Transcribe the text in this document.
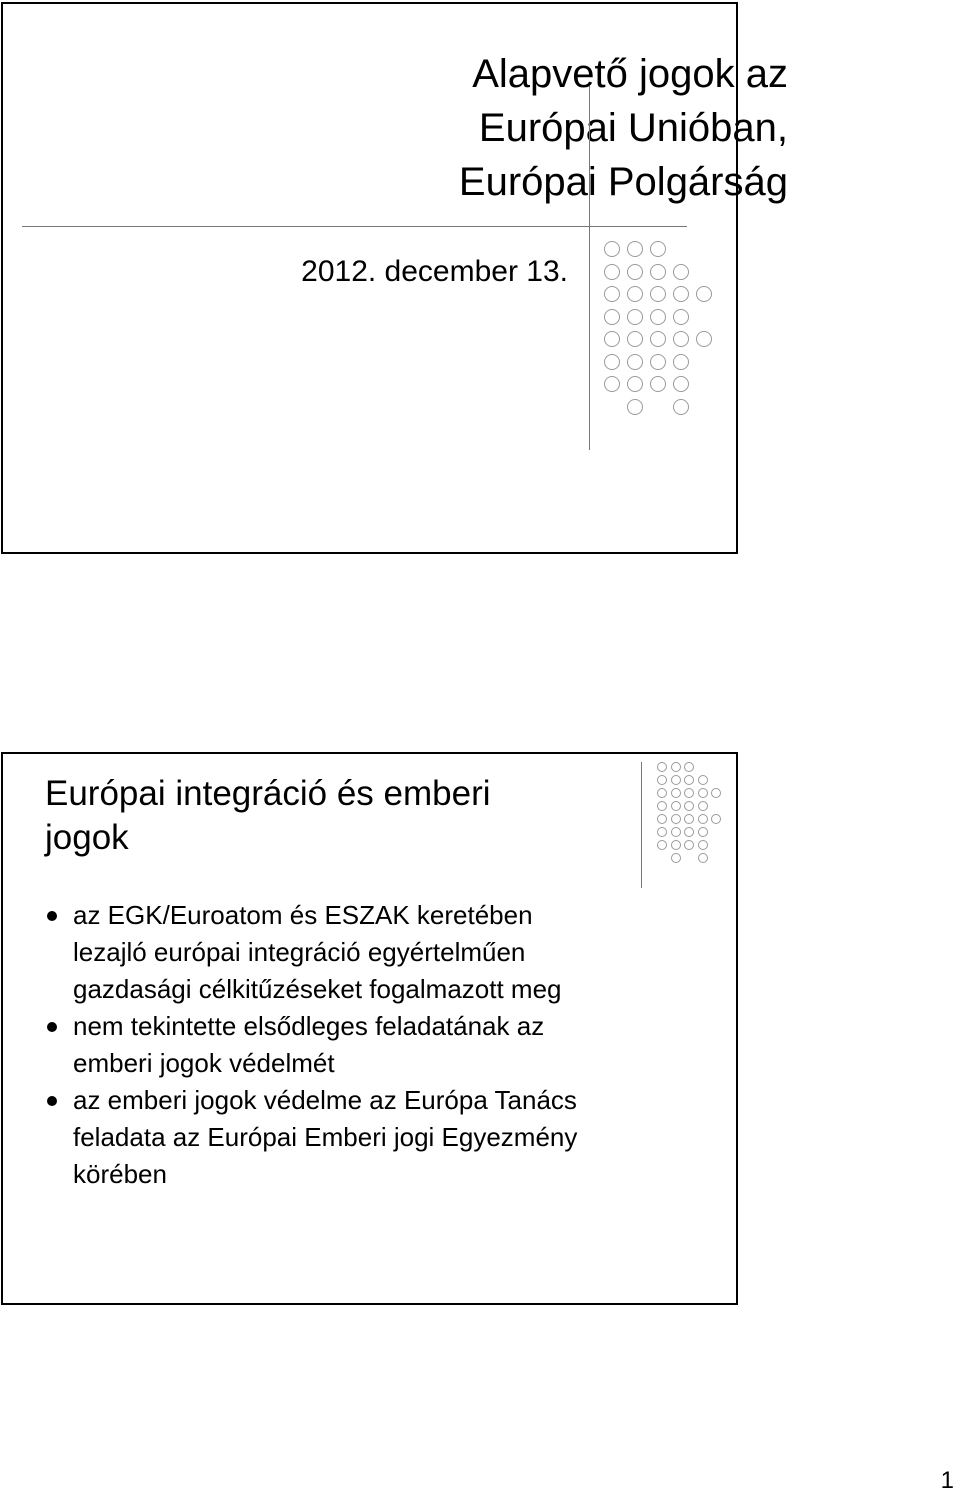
Alapvető jogok az
Európai Unióban,
Európai Polgárság
2012. december 13.
Európai integráció és emberi
jogok
az EGK/Euroatom és ESZAK keretében
lezajló európai integráció egyértelműen
gazdasági célkitűzéseket fogalmazott meg
nem tekintette elsődleges feladatának az
emberi jogok védelmét
az emberi jogok védelme az Európa Tanács
feladata az Európai Emberi jogi Egyezmény
körében
1
